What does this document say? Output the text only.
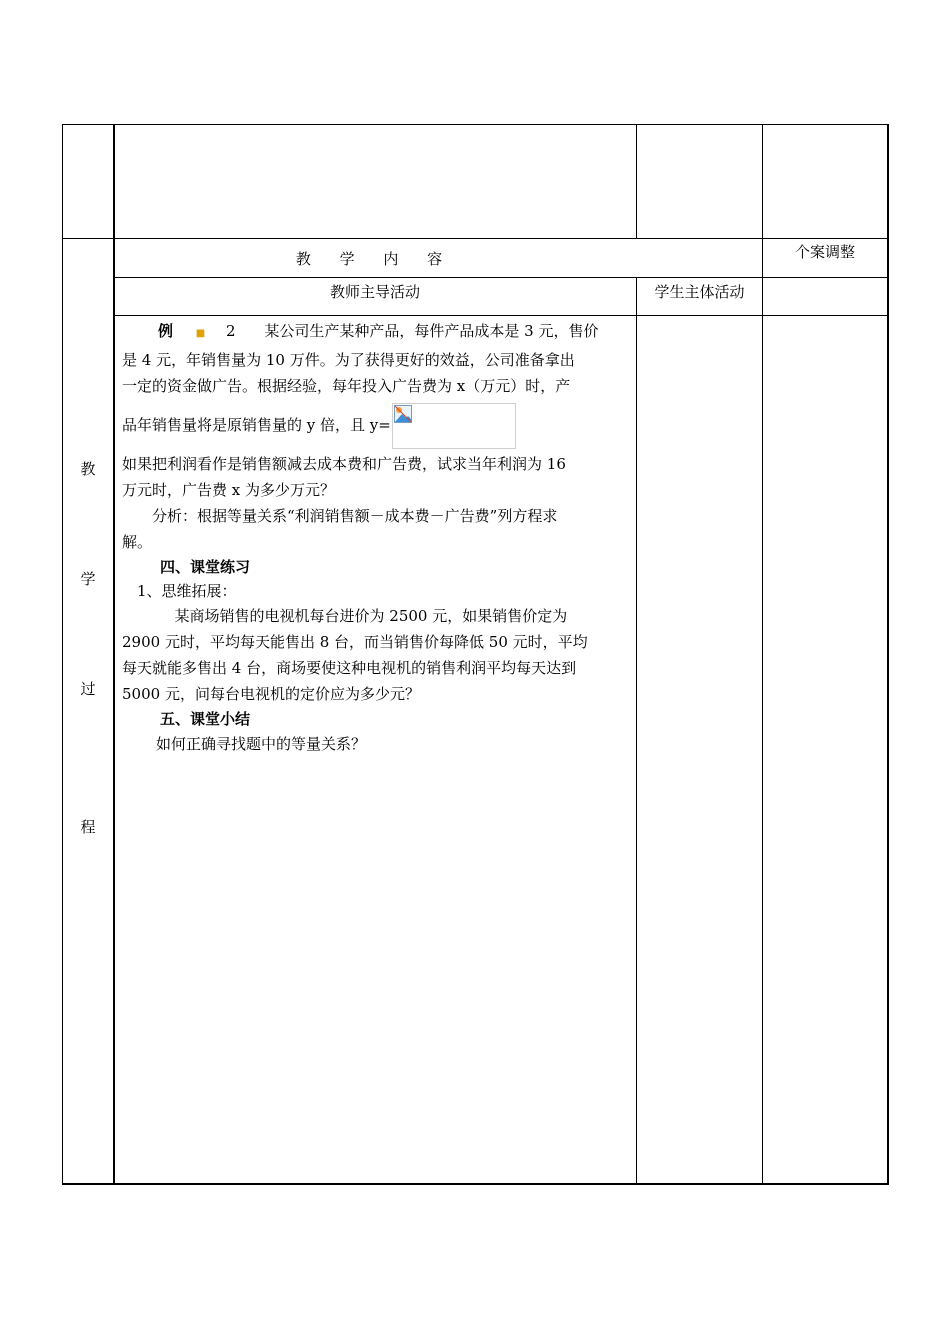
教 学 内 容	个案调整
教师主导活动	学生主体活动
教
学
过
程

例 ■ 2 某公司生产某种产品，每件产品成本是 3 元，售价

是 4 元，年销售量为 10 万件。为了获得更好的效益，公司准备拿出

一定的资金做广告。根据经验，每年投入广告费为 x（万元）时，产

品年销售量将是原销售量的 y 倍，且 y=

如果把利润看作是销售额减去成本费和广告费，试求当年利润为 16

万元时，广告费 x 为多少万元？

分析：根据等量关系“利润销售额－成本费－广告费”列方程求

解。

四、课堂练习

1、思维拓展：

某商场销售的电视机每台进价为 2500 元，如果销售价定为

2900 元时，平均每天能售出 8 台，而当销售价每降低 50 元时，平均

每天就能多售出 4 台，商场要使这种电视机的销售利润平均每天达到

5000 元，问每台电视机的定价应为多少元？

五、课堂小结

如何正确寻找题中的等量关系？
